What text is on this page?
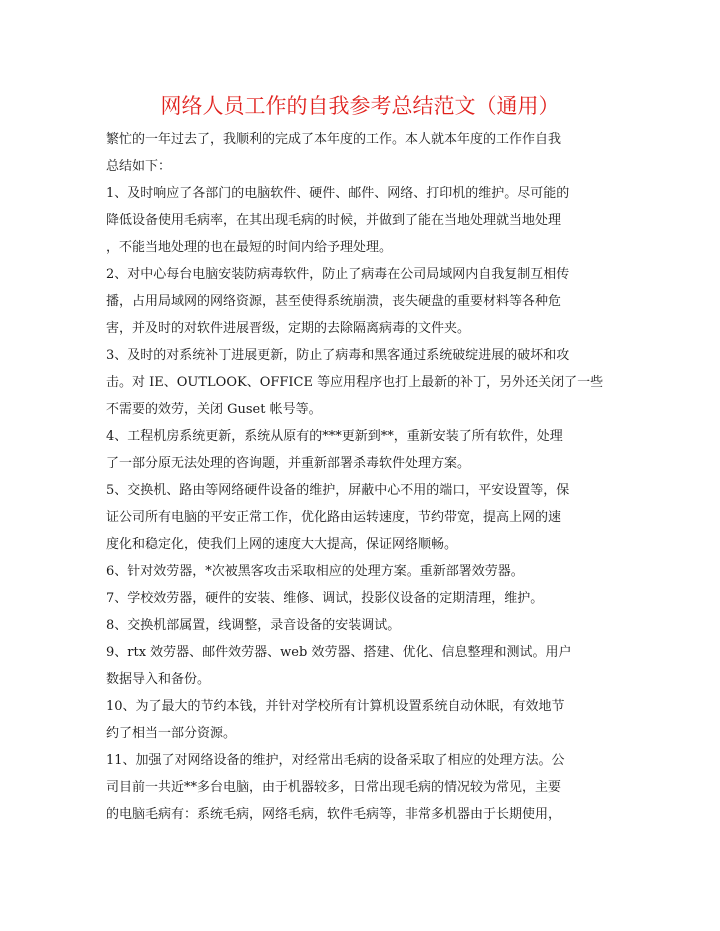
网络人员工作的自我参考总结范文（通用）
繁忙的一年过去了，我顺利的完成了本年度的工作。本人就本年度的工作作自我
总结如下：
1、及时响应了各部门的电脑软件、硬件、邮件、网络、打印机的维护。尽可能的
降低设备使用毛病率，在其出现毛病的时候，并做到了能在当地处理就当地处理
，不能当地处理的也在最短的时间内给予理处理。
2、对中心每台电脑安装防病毒软件，防止了病毒在公司局域网内自我复制互相传
播，占用局域网的网络资源，甚至使得系统崩溃，丧失硬盘的重要材料等各种危
害，并及时的对软件进展晋级，定期的去除隔离病毒的文件夹。
3、及时的对系统补丁进展更新，防止了病毒和黑客通过系统破绽进展的破坏和攻
击。对 IE、OUTLOOK、OFFICE 等应用程序也打上最新的补丁，另外还关闭了一些
不需要的效劳，关闭 Guset 帐号等。
4、工程机房系统更新，系统从原有的***更新到**，重新安装了所有软件，处理
了一部分原无法处理的咨询题，并重新部署杀毒软件处理方案。
5、交换机、路由等网络硬件设备的维护，屏蔽中心不用的端口，平安设置等，保
证公司所有电脑的平安正常工作，优化路由运转速度，节约带宽，提高上网的速
度化和稳定化，使我们上网的速度大大提高，保证网络顺畅。
6、针对效劳器，*次被黑客攻击采取相应的处理方案。重新部署效劳器。
7、学校效劳器，硬件的安装、维修、调试，投影仪设备的定期清理，维护。
8、交换机部属置，线调整，录音设备的安装调试。
9、rtx 效劳器、邮件效劳器、web 效劳器、搭建、优化、信息整理和测试。用户
数据导入和备份。
10、为了最大的节约本钱，并针对学校所有计算机设置系统自动休眠，有效地节
约了相当一部分资源。
11、加强了对网络设备的维护，对经常出毛病的设备采取了相应的处理方法。公
司目前一共近**多台电脑，由于机器较多，日常出现毛病的情况较为常见，主要
的电脑毛病有：系统毛病，网络毛病，软件毛病等，非常多机器由于长期使用，
